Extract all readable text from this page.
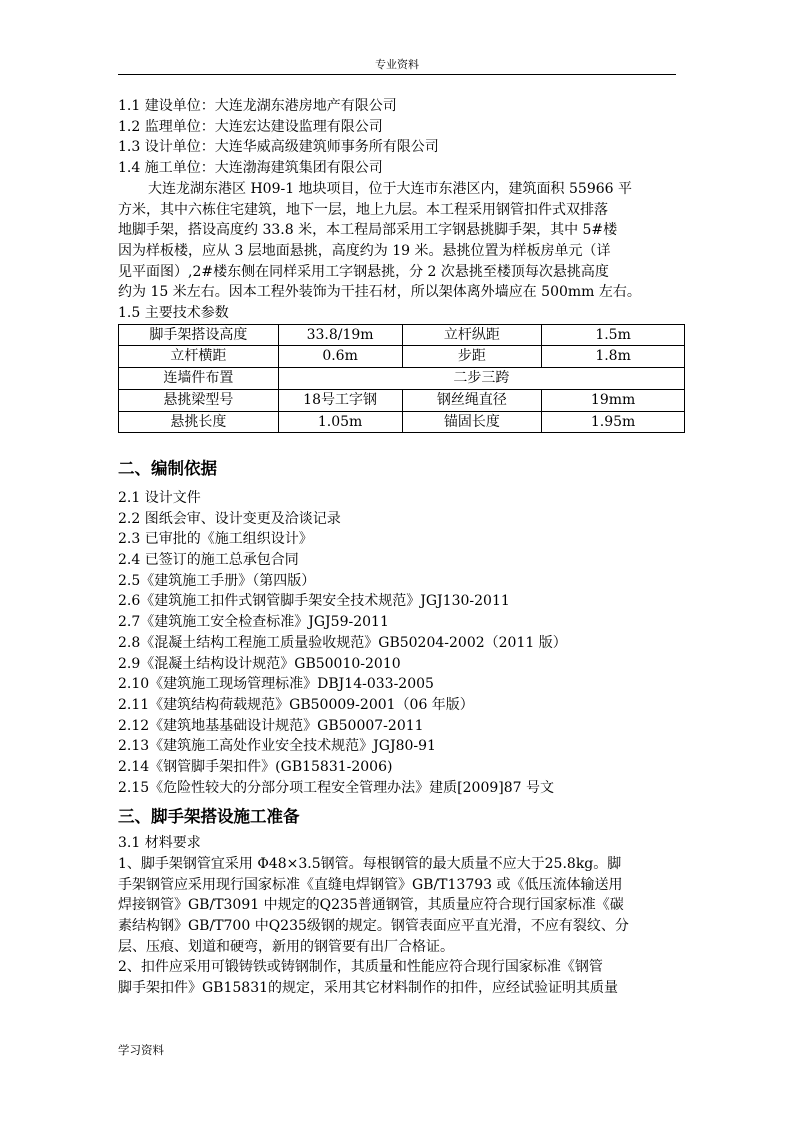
专业资料
1.1 建设单位：大连龙湖东港房地产有限公司
1.2 监理单位：大连宏达建设监理有限公司
1.3 设计单位：大连华威高级建筑师事务所有限公司
1.4 施工单位：大连渤海建筑集团有限公司
大连龙湖东港区 H09-1 地块项目，位于大连市东港区内，建筑面积 55966 平
方米，其中六栋住宅建筑，地下一层，地上九层。本工程采用钢管扣件式双排落
地脚手架，搭设高度约 33.8 米，本工程局部采用工字钢悬挑脚手架，其中 5#楼
因为样板楼，应从 3 层地面悬挑，高度约为 19 米。悬挑位置为样板房单元（详
见平面图）,2#楼东侧在同样采用工字钢悬挑，分 2 次悬挑至楼顶每次悬挑高度
约为 15 米左右。因本工程外装饰为干挂石材，所以架体离外墙应在 500mm 左右。
1.5 主要技术参数
脚手架搭设高度	33.8/19m	立杆纵距	1.5m
立杆横距	0.6m	步距	1.8m
连墙件布置	二步三跨		
悬挑梁型号	18号工字钢	钢丝绳直径	19mm
悬挑长度	1.05m	锚固长度	1.95m
二、编制依据
2.1 设计文件
2.2 图纸会审、设计变更及洽谈记录
2.3 已审批的《施工组织设计》
2.4 已签订的施工总承包合同
2.5《建筑施工手册》（第四版）
2.6《建筑施工扣件式钢管脚手架安全技术规范》JGJ130-2011
2.7《建筑施工安全检查标准》JGJ59-2011
2.8《混凝土结构工程施工质量验收规范》GB50204-2002（2011 版）
2.9《混凝土结构设计规范》GB50010-2010
2.10《建筑施工现场管理标准》DBJ14-033-2005
2.11《建筑结构荷载规范》GB50009-2001（06 年版）
2.12《建筑地基基础设计规范》GB50007-2011
2.13《建筑施工高处作业安全技术规范》JGJ80-91
2.14《钢管脚手架扣件》(GB15831-2006)
2.15《危险性较大的分部分项工程安全管理办法》建质[2009]87 号文
三、脚手架搭设施工准备
3.1 材料要求
1、脚手架钢管宜采用 Φ48×3.5钢管。每根钢管的最大质量不应大于25.8kg。脚
手架钢管应采用现行国家标准《直缝电焊钢管》GB/T13793 或《低压流体输送用
焊接钢管》GB/T3091 中规定的Q235普通钢管，其质量应符合现行国家标准《碳
素结构钢》GB/T700 中Q235级钢的规定。钢管表面应平直光滑，不应有裂纹、分
层、压痕、划道和硬弯，新用的钢管要有出厂合格证。
2、扣件应采用可锻铸铁或铸钢制作，其质量和性能应符合现行国家标准《钢管
脚手架扣件》GB15831的规定，采用其它材料制作的扣件，应经试验证明其质量
学习资料
